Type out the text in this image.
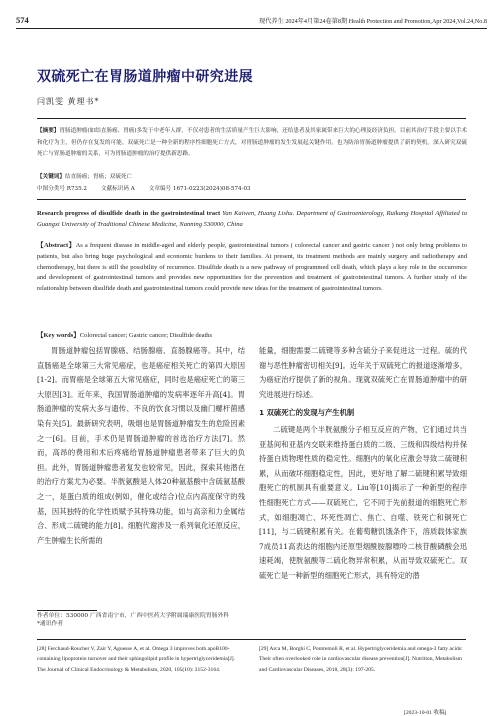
574	现代养生 2024年4月第24卷第8期 Health Protection and Promotion,Apr 2024,Vol.24,No.8
双硫死亡在胃肠道肿瘤中研究进展
闫凯雯 黄理书*
【摘要】胃肠道肿瘤(如结直肠癌、胃癌)多发于中老年人群，不仅对患者的生活质量产生巨大影响，还给患者及其家属带来巨大的心理及经济负担。目前其治疗手段主要以手术和化疗为主，但仍存在复发的可能。双硫死亡是一种全新的程序性细胞死亡方式，对胃肠道肿瘤的发生发展起关键作用，也为防治胃肠道肿瘤提供了新的契机。深入研究双硫死亡与胃肠道肿瘤的关系，可为胃肠道肿瘤的治疗提供新思路。
【关键词】结直肠癌；胃癌；双硫死亡
中图分类号 R735.2	文献标识码 A	文章编号 1671-0223(2024)08-574-03
Research progress of disulfide death in the gastrointestinal tract Yan Kaiwen, Huang Lishu. Department of Gastroenterology, Ruikang Hospital Affiliated to Guangxi University of Traditional Chinese Medicine, Nanning 530000, China
【Abstract】As a frequent disease in middle-aged and elderly people, gastrointestinal tumors ( colorectal cancer and gastric cancer ) not only bring problems to patients, but also bring huge psychological and economic burdens to their families. At present, its treatment methods are mainly surgery and radiotherapy and chemotherapy, but there is still the possibility of recurrence. Disulfide death is a new pathway of programmed cell death, which plays a key role in the occurrence and development of gastrointestinal tumors and provides new opportunities for the prevention and treatment of gastrointestinal tumors. A further study of the relationship between disulfide death and gastrointestinal tumors could provide new ideas for the treatment of gastrointestinal tumors.
【Key words】Colorectal cancer; Gastric cancer; Disulfide deaths

胃肠道肿瘤包括胃腺癌、结肠腺癌、直肠腺癌等。其中，结直肠癌是全球第三大常见癌症，也是癌症相关死亡的第四大原因[1-2]。而胃癌是全球第五大常见癌症，同时也是癌症死亡的第三大原因[3]。近年来，我国胃肠道肿瘤的发病率逐年升高[4]。胃肠道肿瘤的发病大多与遗传、不良的饮食习惯以及幽门螺杆菌感染有关[5]。最新研究表明，吸烟也是胃肠道肿瘤发生的危险因素之一[6]。目前，手术仍是胃肠道肿瘤的首选治疗方法[7]。然而，高昂的费用和术后疼痛给胃肠道肿瘤患者带来了巨大的负担。此外，胃肠道肿瘤患者复发也较常见，因此，探索其他潜在的治疗方案尤为必要。半胱氨酸是人体20种氨基酸中含硫氨基酸之一，是蛋白质的组成(例如，催化或结合)位点内高度保守的残基，因其独特的化学性质赋予其特殊功能，如与高亲和力金属结合、形成二硫键的能力[8]。细胞代谢涉及一系列氧化还原反应，产生肿瘤生长所需的

能量，细胞需要二硫键等多种含硫分子来促进这一过程。硫的代谢与恶性肿瘤密切相关[9]。近年关于双硫死亡的报道逐渐增多，为癌症治疗提供了新的视角。现就双硫死亡在胃肠道肿瘤中的研究进展进行综述。

1 双硫死亡的发现与产生机制

二硫键是两个半胱氨酸分子相互反应的产物，它们通过共当亚基间和亚基内交联来维持蛋白质的二级、三级和四级结构并保持蛋白质物理性质的稳定性。细胞内的氧化应激会导致二硫键积累，从而破坏细胞稳定性，因此，更好地了解二硫键积累导致细胞死亡的机制具有重要意义。Liu等[10]揭示了一种新型的程序性细胞死亡方式——双硫死亡，它不同于先前报道的细胞死亡形式，如细胞凋亡、坏死性凋亡、焦亡、自噬、铁死亡和铜死亡[11]，与二硫键积累有关。在葡萄糖饥饿条件下，溶质载体家族7成员11高表达的细胞内还原型烟酰胺腺嘌呤二核苷酸磷酸会迅速耗竭，使胱氨酸等二硫化物异常积累，从而导致双硫死亡。双硫死亡是一种新型的细胞死亡形式，具有特定的潜

作者单位：530000 广西省南宁市，广西中医药大学附属瑞康医院胃肠外科
*通讯作者
[28] Ferchaud-Roucher V, Zair Y, Aguesse A, et al. Omega 3 improves both apoB100-containing lipoprotein turnover and their sphingolipid profile in hypertriglyceridemia[J]. The Journal of Clinical Endocrinology & Metabolism, 2020, 105(10): 3152-3164.
[29] Arca M, Borghi C, Pontremoli R, et al. Hypertriglyceridemia and omega-3 fatty acids: Their often overlooked role in cardiovascular disease prevention[J]. Nutrition, Metabolism and Cardiovascular Diseases, 2018, 28(3): 197-205.
[2023-10-01 收稿]
